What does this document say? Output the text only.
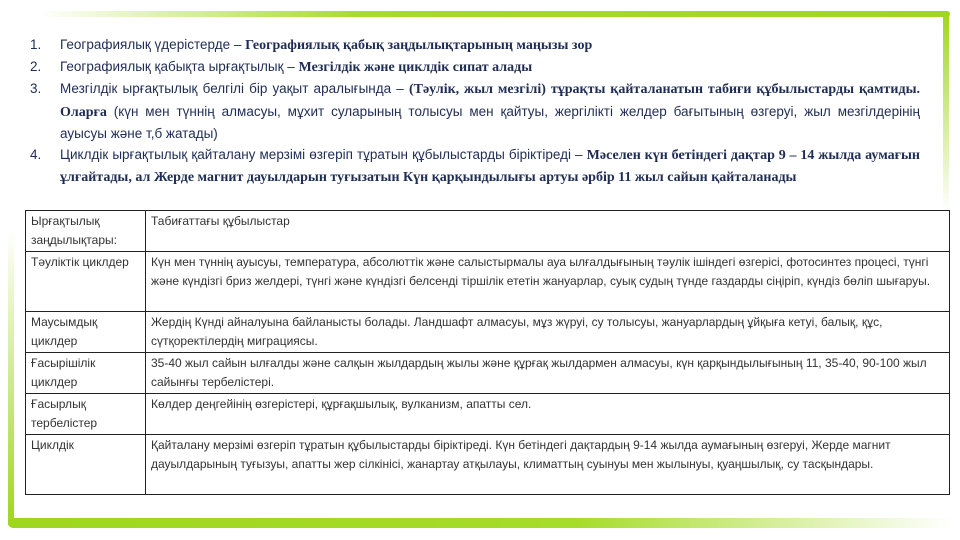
1. Географиялық үдерістерде – Географиялық қабық заңдылықтарының маңызы зор
2. Географиялық қабықта ырғақтылық – Мезгілдік және циклдік сипат алады
3. Мезгілдік ырғақтылық белгілі бір уақыт аралығында – (Тәулік, жыл мезгілі) тұрақты қайталанатын табиғи құбылыстарды қамтиды. Оларға (күн мен түннің алмасуы, мұхит суларының толысуы мен қайтуы, жергілікті желдер бағытының өзгеруі, жыл мезгілдерінің ауысуы және т,б жатады)
4. Циклдік ырғақтылық қайталану мерзімі өзгеріп тұратын құбылыстарды біріктіреді – Мәселен күн бетіндегі дақтар 9 – 14 жылда аумағын ұлғайтады, ал Жерде магнит дауылдарын туғызатын Күн қарқындылығы артуы әрбір 11 жыл сайын қайталанады
Ырғақтылық заңдылықтары:	Табиғаттағы құбылыстар
Тәуліктік циклдер	Күн мен түннің ауысуы, температура, абсолюттік және салыстырмалы ауа ылғалдығының тәулік ішіндегі өзгерісі, фотосинтез процесі, түнгі және күндізгі бриз желдері, түнгі және күндізгі белсенді тіршілік ететін жануарлар, суық судың түнде газдарды сіңіріп, күндіз бөліп шығаруы.
Маусымдық циклдер	Жердің Күнді айналуына байланысты болады. Ландшафт алмасуы, мұз жүруі, су толысуы, жануарлардың ұйқыға кетуі, балық, құс, сүтқоректілердің миграциясы.
Ғасырішілік циклдер	35-40 жыл сайын ылғалды және салқын жылдардың жылы және құрғақ жылдармен алмасуы, күн қарқындылығының 11, 35-40, 90-100 жыл сайынғы тербелістері.
Ғасырлық тербелістер	Көлдер деңгейінің өзгерістері, құрғақшылық, вулканизм, апатты сел.
Циклдік	Қайталану мерзімі өзгеріп тұратын құбылыстарды біріктіреді. Күн бетіндегі дақтардың 9-14 жылда аумағының өзгеруі, Жерде магнит дауылдарының туғызуы, апатты жер сілкінісі, жанартау атқылауы, климаттың суынуы мен жылынуы, қуаңшылық, су тасқындары.
